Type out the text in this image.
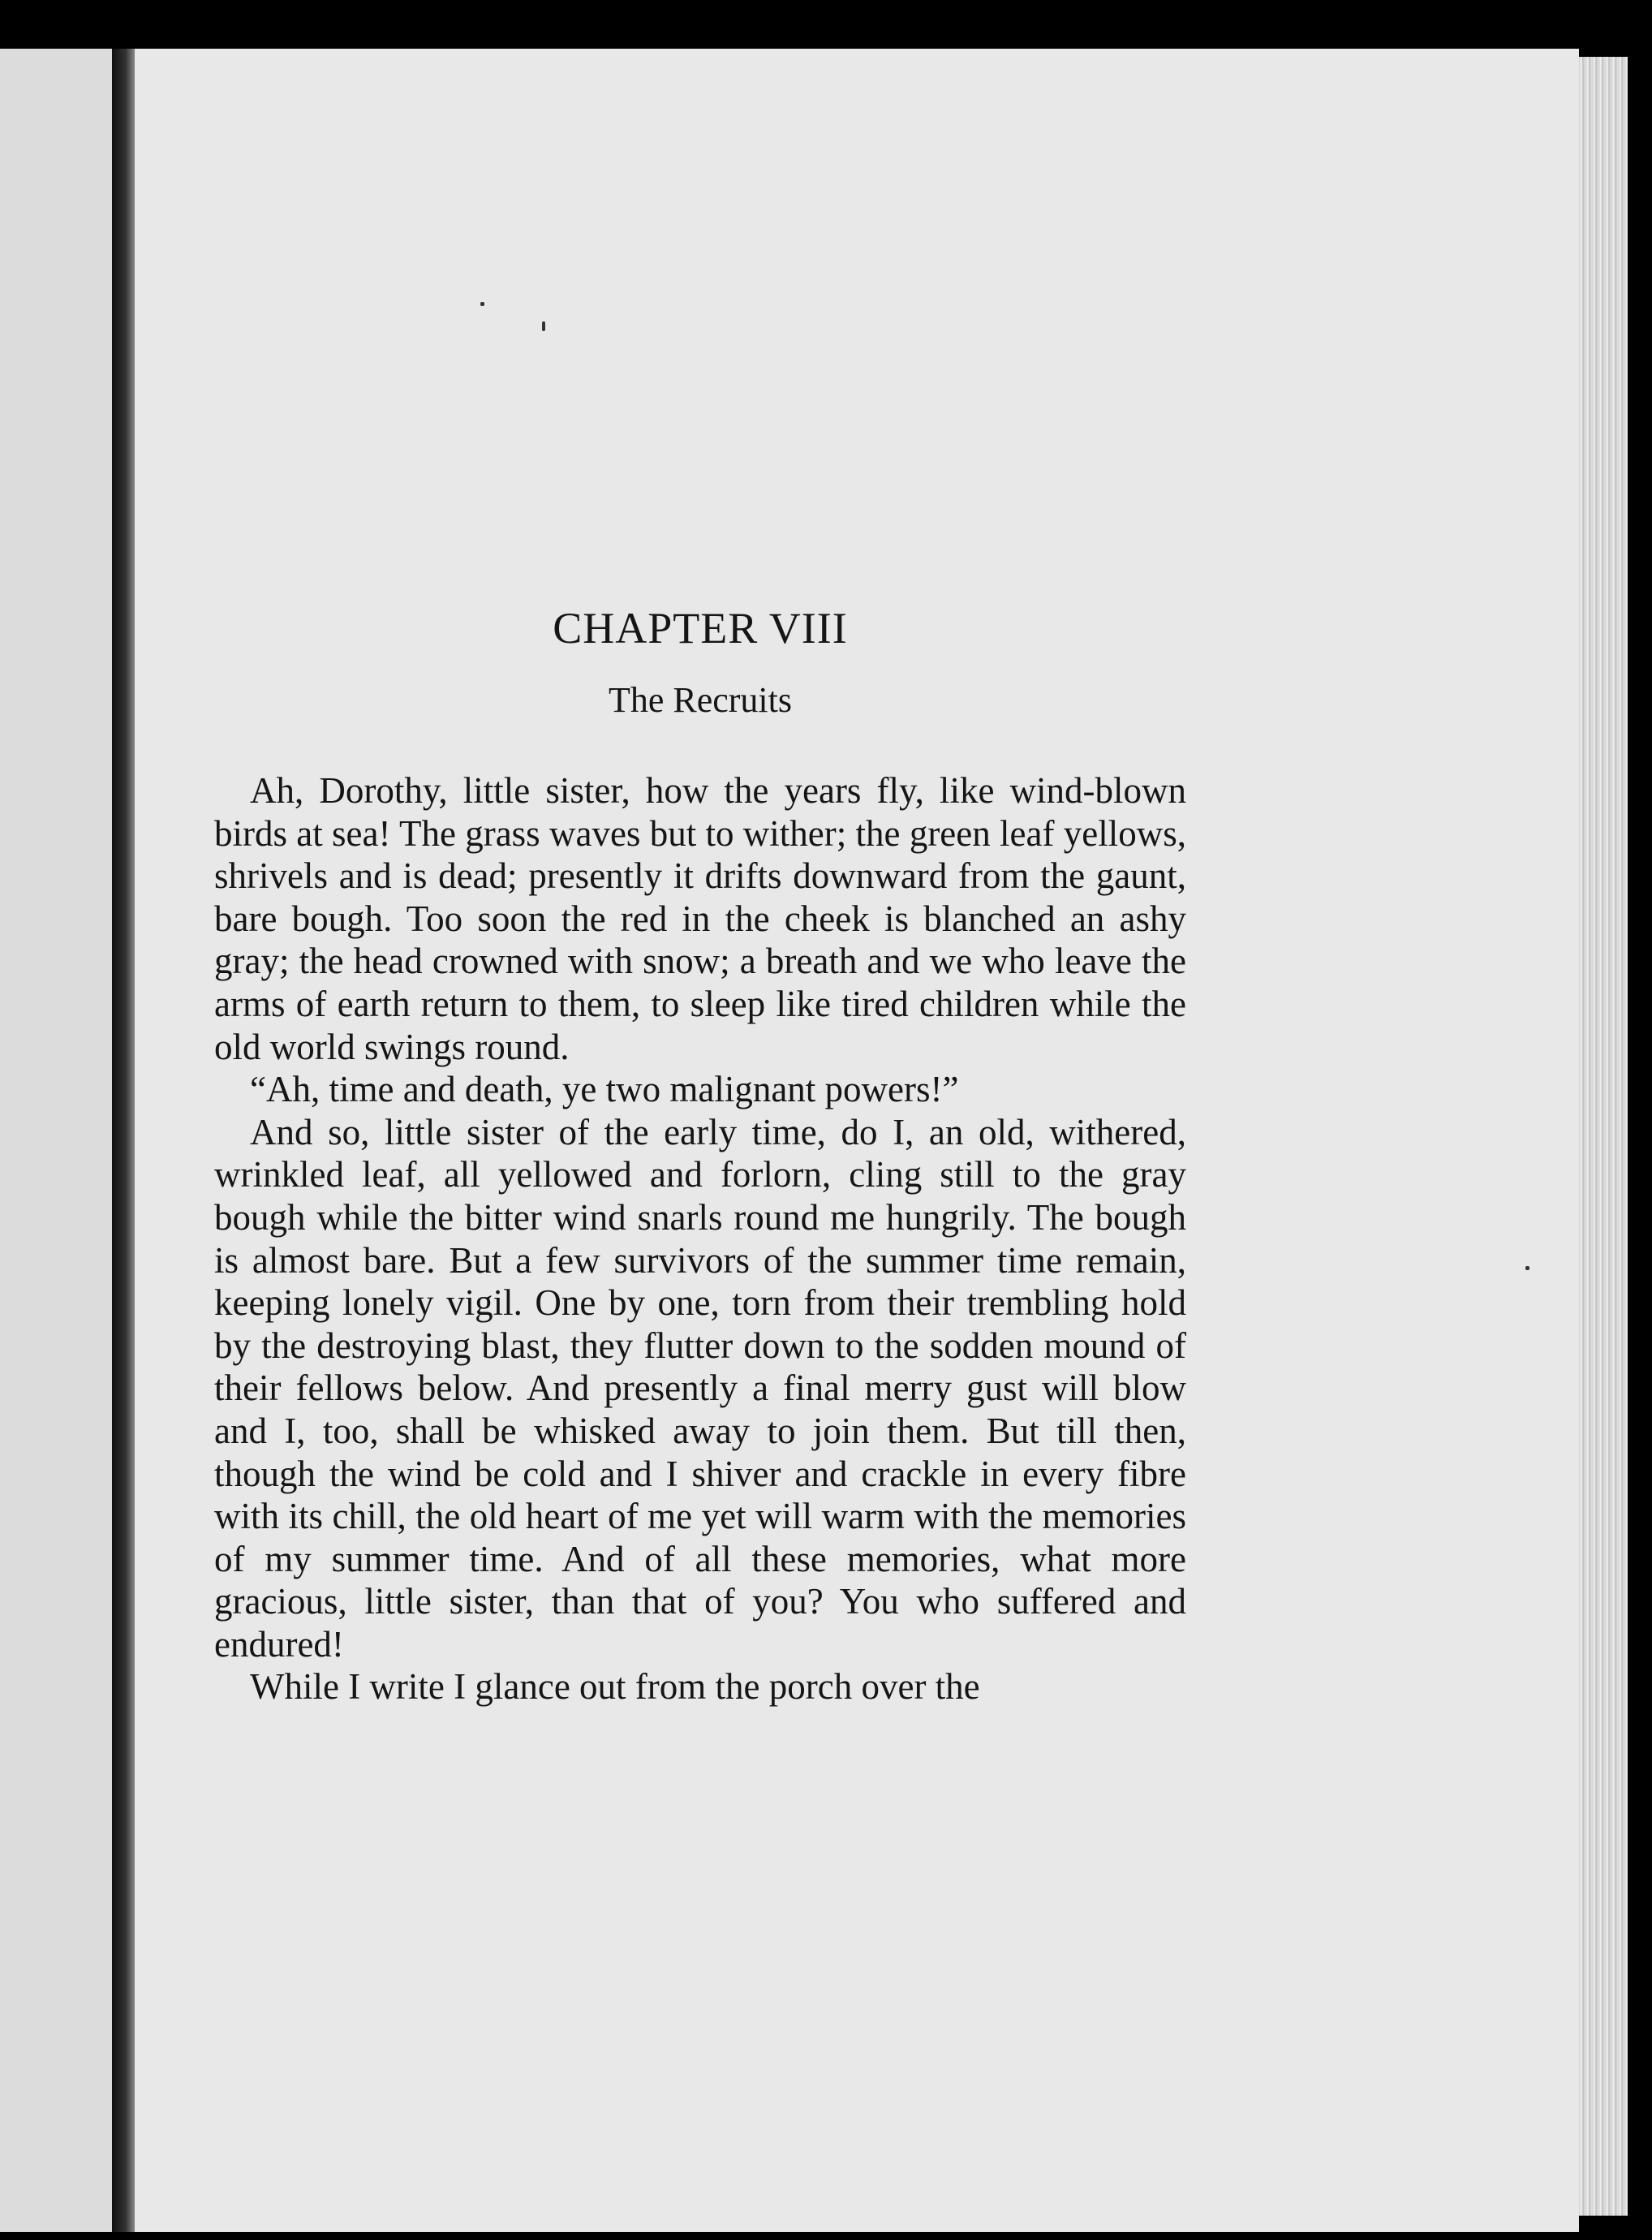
CHAPTER VIII
The Recruits

Ah, Dorothy, little sister, how the years fly, like wind-blown birds at sea! The grass waves but to wither; the green leaf yellows, shrivels and is dead; presently it drifts downward from the gaunt, bare bough. Too soon the red in the cheek is blanched an ashy gray; the head crowned with snow; a breath and we who leave the arms of earth return to them, to sleep like tired children while the old world swings round.

“Ah, time and death, ye two malignant powers!”

And so, little sister of the early time, do I, an old, withered, wrinkled leaf, all yellowed and forlorn, cling still to the gray bough while the bitter wind snarls round me hungrily. The bough is almost bare. But a few survivors of the summer time remain, keeping lonely vigil. One by one, torn from their trembling hold by the destroying blast, they flutter down to the sodden mound of their fellows below. And presently a final merry gust will blow and I, too, shall be whisked away to join them. But till then, though the wind be cold and I shiver and crackle in every fibre with its chill, the old heart of me yet will warm with the memories of my summer time. And of all these memories, what more gracious, little sister, than that of you? You who suffered and endured!

While I write I glance out from the porch over the
